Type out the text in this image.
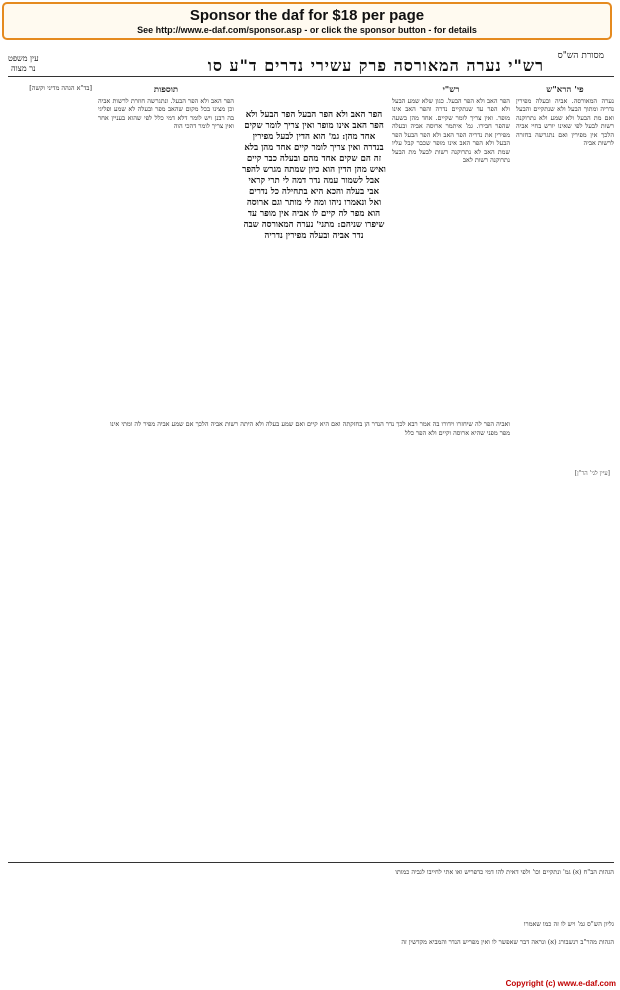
Sponsor the daf for $18 per page
See http://www.e-daf.com/sponsor.asp - or click the sponsor button - for details
מסורת הש"ס
רש"י נערה המאורסה פרק עשירי נדרים ד"ע סו
עין משפט
נר מצוה
פי' הרא"ש
נערה המאורסה. אביה ובעלה מפירין נדריה ומתוך הבעל ולא שנתקיים והבעל ואם מת הבעל ולא שמע ולא נתרוקנה רשות לבעל לפי שאינו יורש בחיי אביה הלכך אין מפירין ואם נתגרשה בחזרה לרשות אביה
רש"י
הפר האב ולא הפר הבעל. כגון שלא שמע הבעל ולא הפר עד שנתקיים נדרה והפר האב אינו מופר. ואין צריך לומר שקיים. אחד מהן בשעה שהפר חבירו. גמ' איתמר ארוסה אביה ובעלה מפירין את נדריה הפר האב ולא הפר הבעל הפר הבעל ולא הפר האב אינו מופר שכבר קבל עליו שמת האב לא נתרוקנה רשות לבעל מת הבעל נתרוקנה רשות לאב
הפר האב ולא הפר הבעל הפר הבעל ולא הפר האב אינו מופר ואין צריך לומר שקים אחד מהן: גמ' הוא הדין לבעל מפירין בנדרה ואין צריך לומר קיים אחד מהן בלא זה הם שקים אחד מהם ובעלה כבר קיים ואיש מהן הדין הוא כיון שמתה מגרש להפר אבל לשמור עמה נדר דמה לי תרי קראי אבי בעלה והכא היא בתחילה כל נדרים ואל ונאמרו ניהו ומה לי מותר וגם ארוסה הוא מפר לה קיים לו אביה אין מופר עד שיפרו שניהם: מתני' נערה המאורסה שבה נדר אביה ובעלה מפירין נדריה
תוספות
הפר האב ולא הפר הבעל. ונתגרשה חוזרת לרשות אביה וכן מצינו בכל מקום שהאב מפר ובעלה לא שמע ופליגי בה רבנן ויש לומר דלא דמי כלל לפי שהוא בעניין אחר ואין צריך לומר דהכי הוה
[בד"א הגהה מדיני וקשה]
ואביה הפר לה שיחזרו וידורו בה אמר רבא לכך נדר הנדר הן בחזקתה ואם היא קיים ואם שמע בעלה ולא היתה רשות אביה הלכך אם שמע אביה מפיר לה ומתי אינו מפר מפני שהיא ארוסה וקיים ולא הפר כלל
[עיין לגי' הר"ן]
הגהות הב"ח (א) גמ' ונתקיים וכו' ולפי דאית להו דמי כדפריש ואו אתי לחייבו לגביה כמותו
גליון הש"ס גמ' ויש לו זה כמו שאמרו
הגהות מהר"ב רנשבורג (א) ונראה דבר שאפשר לו ואין מפריש הנדר והמביא מקדשין זה
Copyright (c) www.e-daf.com
